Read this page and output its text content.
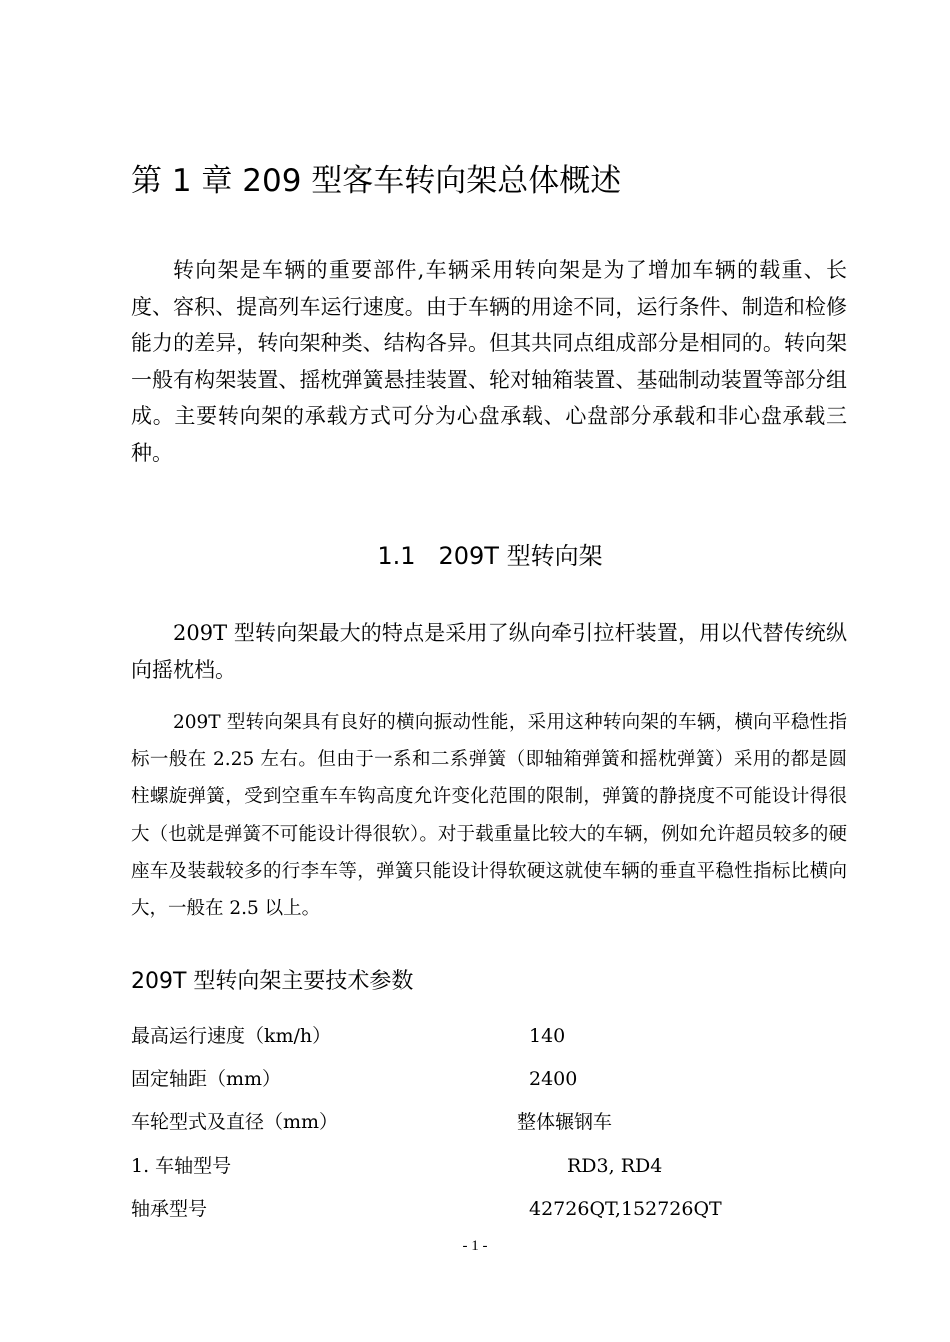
第 1 章 209 型客车转向架总体概述

转向架是车辆的重要部件,车辆采用转向架是为了增加车辆的载重、长度、容积、提高列车运行速度。由于车辆的用途不同，运行条件、制造和检修能力的差异，转向架种类、结构各异。但其共同点组成部分是相同的。转向架一般有构架装置、摇枕弹簧悬挂装置、轮对轴箱装置、基础制动装置等部分组成。主要转向架的承载方式可分为心盘承载、心盘部分承载和非心盘承载三种。

1.1 209T 型转向架

209T 型转向架最大的特点是采用了纵向牵引拉杆装置，用以代替传统纵向摇枕档。

209T 型转向架具有良好的横向振动性能，采用这种转向架的车辆，横向平稳性指标一般在 2.25 左右。但由于一系和二系弹簧（即轴箱弹簧和摇枕弹簧）采用的都是圆柱螺旋弹簧，受到空重车车钩高度允许变化范围的限制，弹簧的静挠度不可能设计得很大（也就是弹簧不可能设计得很软）。对于载重量比较大的车辆，例如允许超员较多的硬座车及装载较多的行李车等，弹簧只能设计得软硬这就使车辆的垂直平稳性指标比横向大，一般在 2.5 以上。

209T 型转向架主要技术参数
最高运行速度（km/h）	140
固定轴距（mm）	2400
车轮型式及直径（mm）	整体辗钢车
1. 车轴型号	RD3, RD4
轴承型号	42726QT,152726QT
- 1 -
